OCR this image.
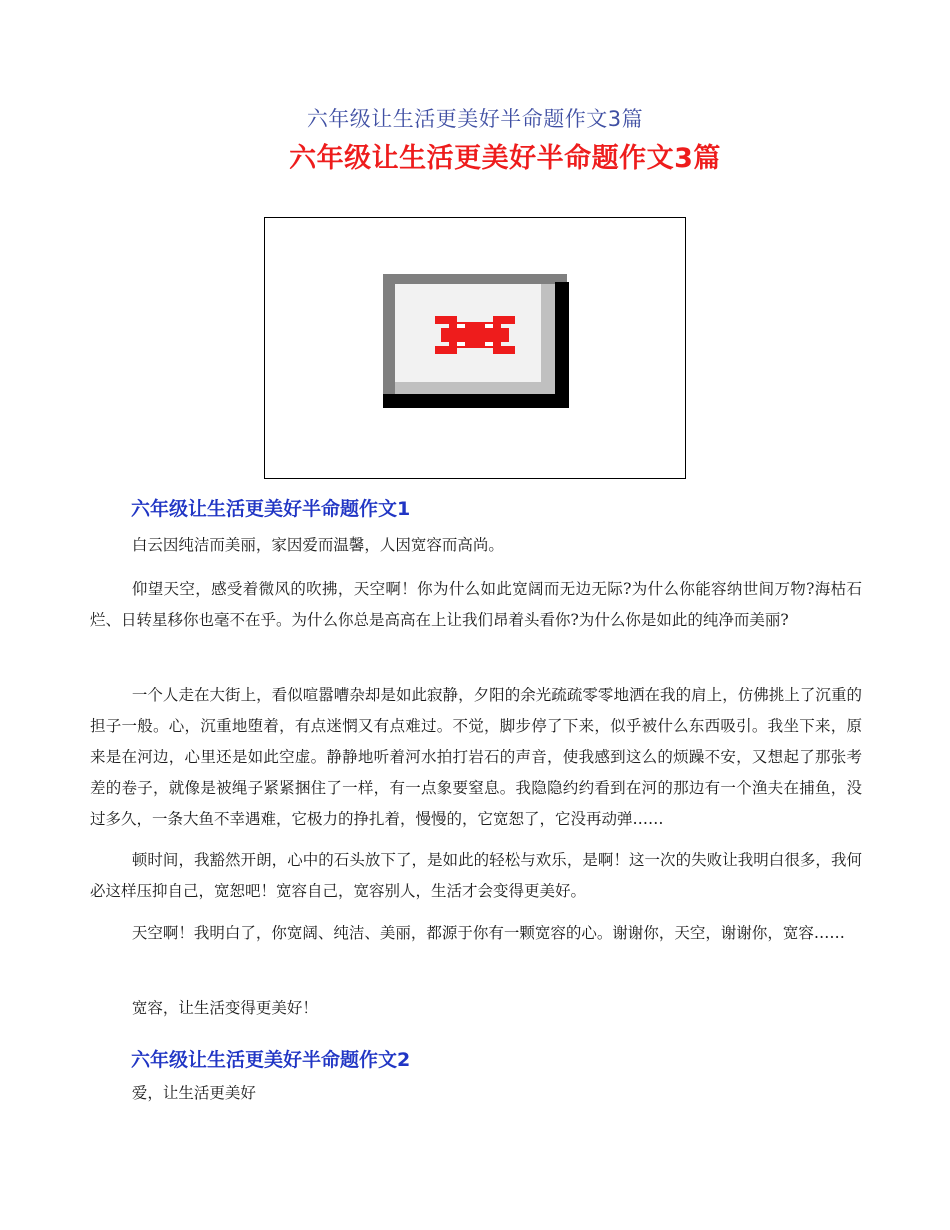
六年级让生活更美好半命题作文3篇
六年级让生活更美好半命题作文3篇
六年级让生活更美好半命题作文1
白云因纯洁而美丽，家因爱而温馨，人因宽容而高尚。
仰望天空，感受着微风的吹拂，天空啊！你为什么如此宽阔而无边无际?为什么你能容纳世间万物?海枯石烂、日转星移你也毫不在乎。为什么你总是高高在上让我们昂着头看你?为什么你是如此的纯净而美丽?
一个人走在大街上，看似喧嚣嘈杂却是如此寂静，夕阳的余光疏疏零零地洒在我的肩上，仿佛挑上了沉重的担子一般。心，沉重地堕着，有点迷惘又有点难过。不觉，脚步停了下来，似乎被什么东西吸引。我坐下来，原来是在河边，心里还是如此空虚。静静地听着河水拍打岩石的声音，使我感到这么的烦躁不安，又想起了那张考差的卷子，就像是被绳子紧紧捆住了一样，有一点象要窒息。我隐隐约约看到在河的那边有一个渔夫在捕鱼，没过多久，一条大鱼不幸遇难，它极力的挣扎着，慢慢的，它宽恕了，它没再动弹……
顿时间，我豁然开朗，心中的石头放下了，是如此的轻松与欢乐，是啊！这一次的失败让我明白很多，我何必这样压抑自己，宽恕吧！宽容自己，宽容别人，生活才会变得更美好。
天空啊！我明白了，你宽阔、纯洁、美丽，都源于你有一颗宽容的心。谢谢你，天空，谢谢你，宽容……
宽容，让生活变得更美好！
六年级让生活更美好半命题作文2
爱，让生活更美好
